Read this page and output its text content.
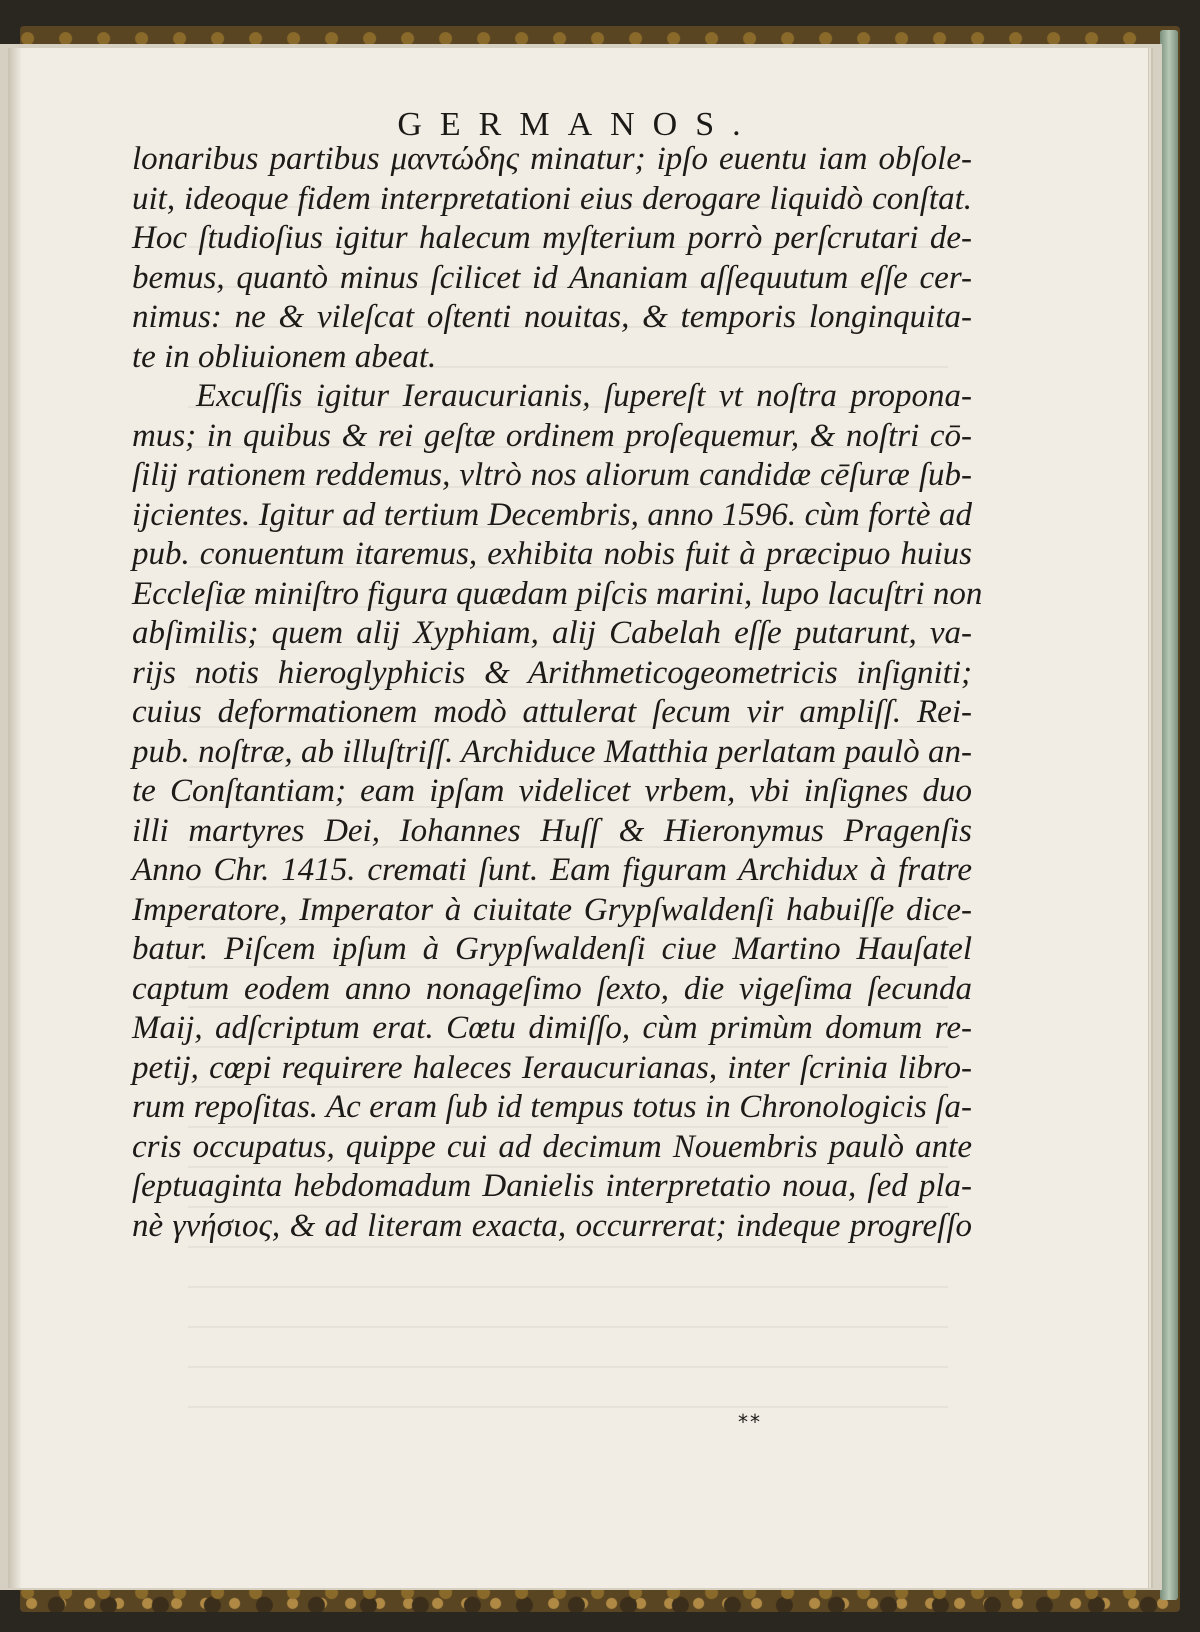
GERMANOS.
lonaribus partibus μαντώδης minatur; ipſo euentu iam obſole-
uit, ideoque fidem interpretationi eius derogare liquidò conſtat.
Hoc ſtudioſius igitur halecum myſterium porrò perſcrutari de-
bemus, quantò minus ſcilicet id Ananiam aſſequutum eſſe cer-
nimus: ne & vileſcat oſtenti nouitas, & temporis longinquita-
te in obliuionem abeat.
Excuſſis igitur Ieraucurianis, ſupereſt vt noſtra propona-
mus; in quibus & rei geſtæ ordinem proſequemur, & noſtri cō-
ſilij rationem reddemus, vltrò nos aliorum candidæ cēſuræ ſub-
ijcientes. Igitur ad tertium Decembris, anno 1596. cùm fortè ad
pub. conuentum itaremus, exhibita nobis fuit à præcipuo huius
Eccleſiæ miniſtro figura quædam piſcis marini, lupo lacuſtri non
abſimilis; quem alij Xyphiam, alij Cabelah eſſe putarunt, va-
rijs notis hieroglyphicis & Arithmeticogeometricis inſigniti;
cuius deformationem modò attulerat ſecum vir ampliſſ. Rei-
pub. noſtræ, ab illuſtriſſ. Archiduce Matthia perlatam paulò an-
te Conſtantiam; eam ipſam videlicet vrbem, vbi inſignes duo
illi martyres Dei, Iohannes Huſſ & Hieronymus Pragenſis
Anno Chr. 1415. cremati ſunt. Eam figuram Archidux à fratre
Imperatore, Imperator à ciuitate Grypſwaldenſi habuiſſe dice-
batur. Piſcem ipſum à Grypſwaldenſi ciue Martino Hauſatel
captum eodem anno nonageſimo ſexto, die vigeſima ſecunda
Maij, adſcriptum erat. Cœtu dimiſſo, cùm primùm domum re-
petij, cœpi requirere haleces Ieraucurianas, inter ſcrinia libro-
rum repoſitas. Ac eram ſub id tempus totus in Chronologicis ſa-
cris occupatus, quippe cui ad decimum Nouembris paulò ante
ſeptuaginta hebdomadum Danielis interpretatio noua, ſed pla-
nè γνήσιος, & ad literam exacta, occurrerat; indeque progreſſo
**
